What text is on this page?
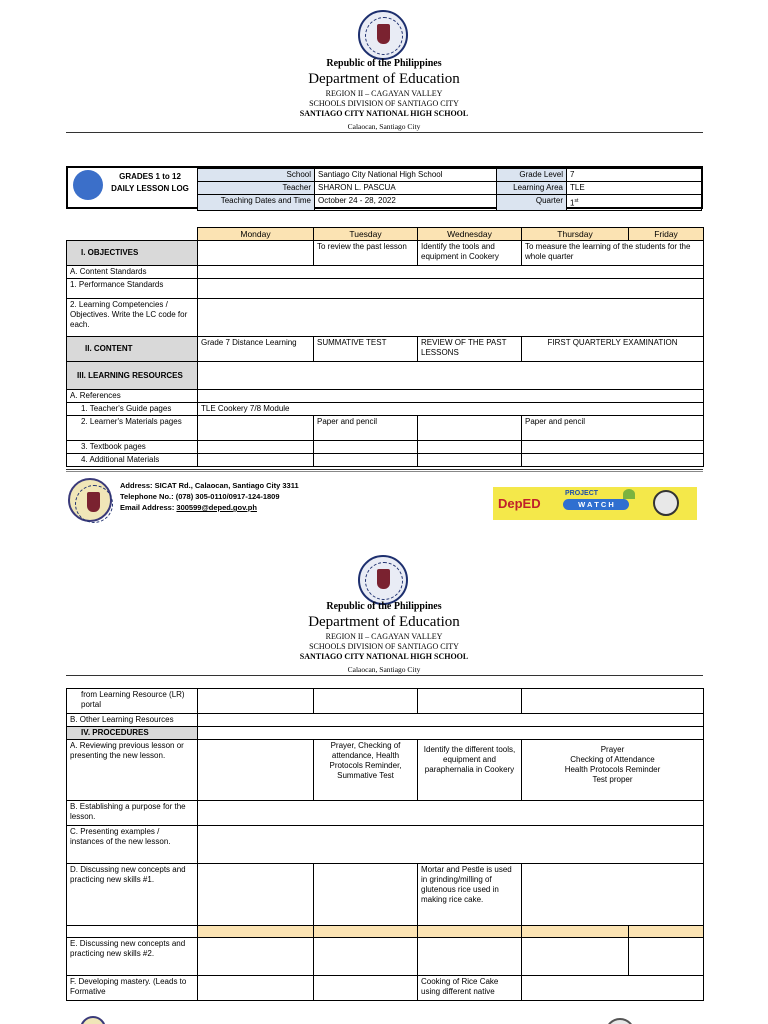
Republic of the Philippines
Department of Education
REGION II – CAGAYAN VALLEY
SCHOOLS DIVISION OF SANTIAGO CITY
SANTIAGO CITY NATIONAL HIGH SCHOOL
Calaocan, Santiago City
GRADES 1 to 12
DAILY LESSON LOG
School	Santiago City National High School	Grade Level	7
Teacher	SHARON L. PASCUA	Learning Area	TLE
Teaching Dates and Time	October 24 - 28, 2022	Quarter	1st
	Monday	Tuesday	Wednesday	Thursday	Friday
I. OBJECTIVES		To review the past lesson	Identify the tools and equipment in Cookery	To measure the learning of the students for the whole quarter	
A. Content Standards					
1. Performance Standards					
2. Learning Competencies / Objectives. Write the LC code for each.					
II. CONTENT	Grade 7 Distance Learning	SUMMATIVE TEST	REVIEW OF THE PAST LESSONS	FIRST QUARTERLY EXAMINATION	
III. LEARNING RESOURCES					
A. References					
1. Teacher's Guide pages	TLE Cookery 7/8 Module				
2. Learner's Materials pages		Paper and pencil		Paper and pencil	
3. Textbook pages					
4. Additional Materials					
Address: SICAT Rd., Calaocan, Santiago City 3311
Telephone No.: (078) 305-0110/0917-124-1809
Email Address: 300599@deped.gov.ph	DepED
PROJECT
W A T C H
Republic of the Philippines
Department of Education
REGION II – CAGAYAN VALLEY
SCHOOLS DIVISION OF SANTIAGO CITY
SANTIAGO CITY NATIONAL HIGH SCHOOL
Calaocan, Santiago City
from Learning Resource (LR) portal					
B. Other Learning Resources					
IV. PROCEDURES					
A. Reviewing previous lesson or presenting the new lesson.		Prayer, Checking of attendance, Health Protocols Reminder, Summative Test	Identify the different tools, equipment and paraphernalia in Cookery	Prayer
Checking of Attendance
Health Protocols Reminder
Test proper	

B. Establishing a purpose for the lesson.					
C. Presenting examples / instances of the new lesson.					
D. Discussing new concepts and practicing new skills #1.			Mortar and Pestle is used in grinding/milling of glutenous rice used in making rice cake.		

E. Discussing new concepts and practicing new skills #2.					
F. Developing mastery. (Leads to Formative			Cooking of Rice Cake using different native		
